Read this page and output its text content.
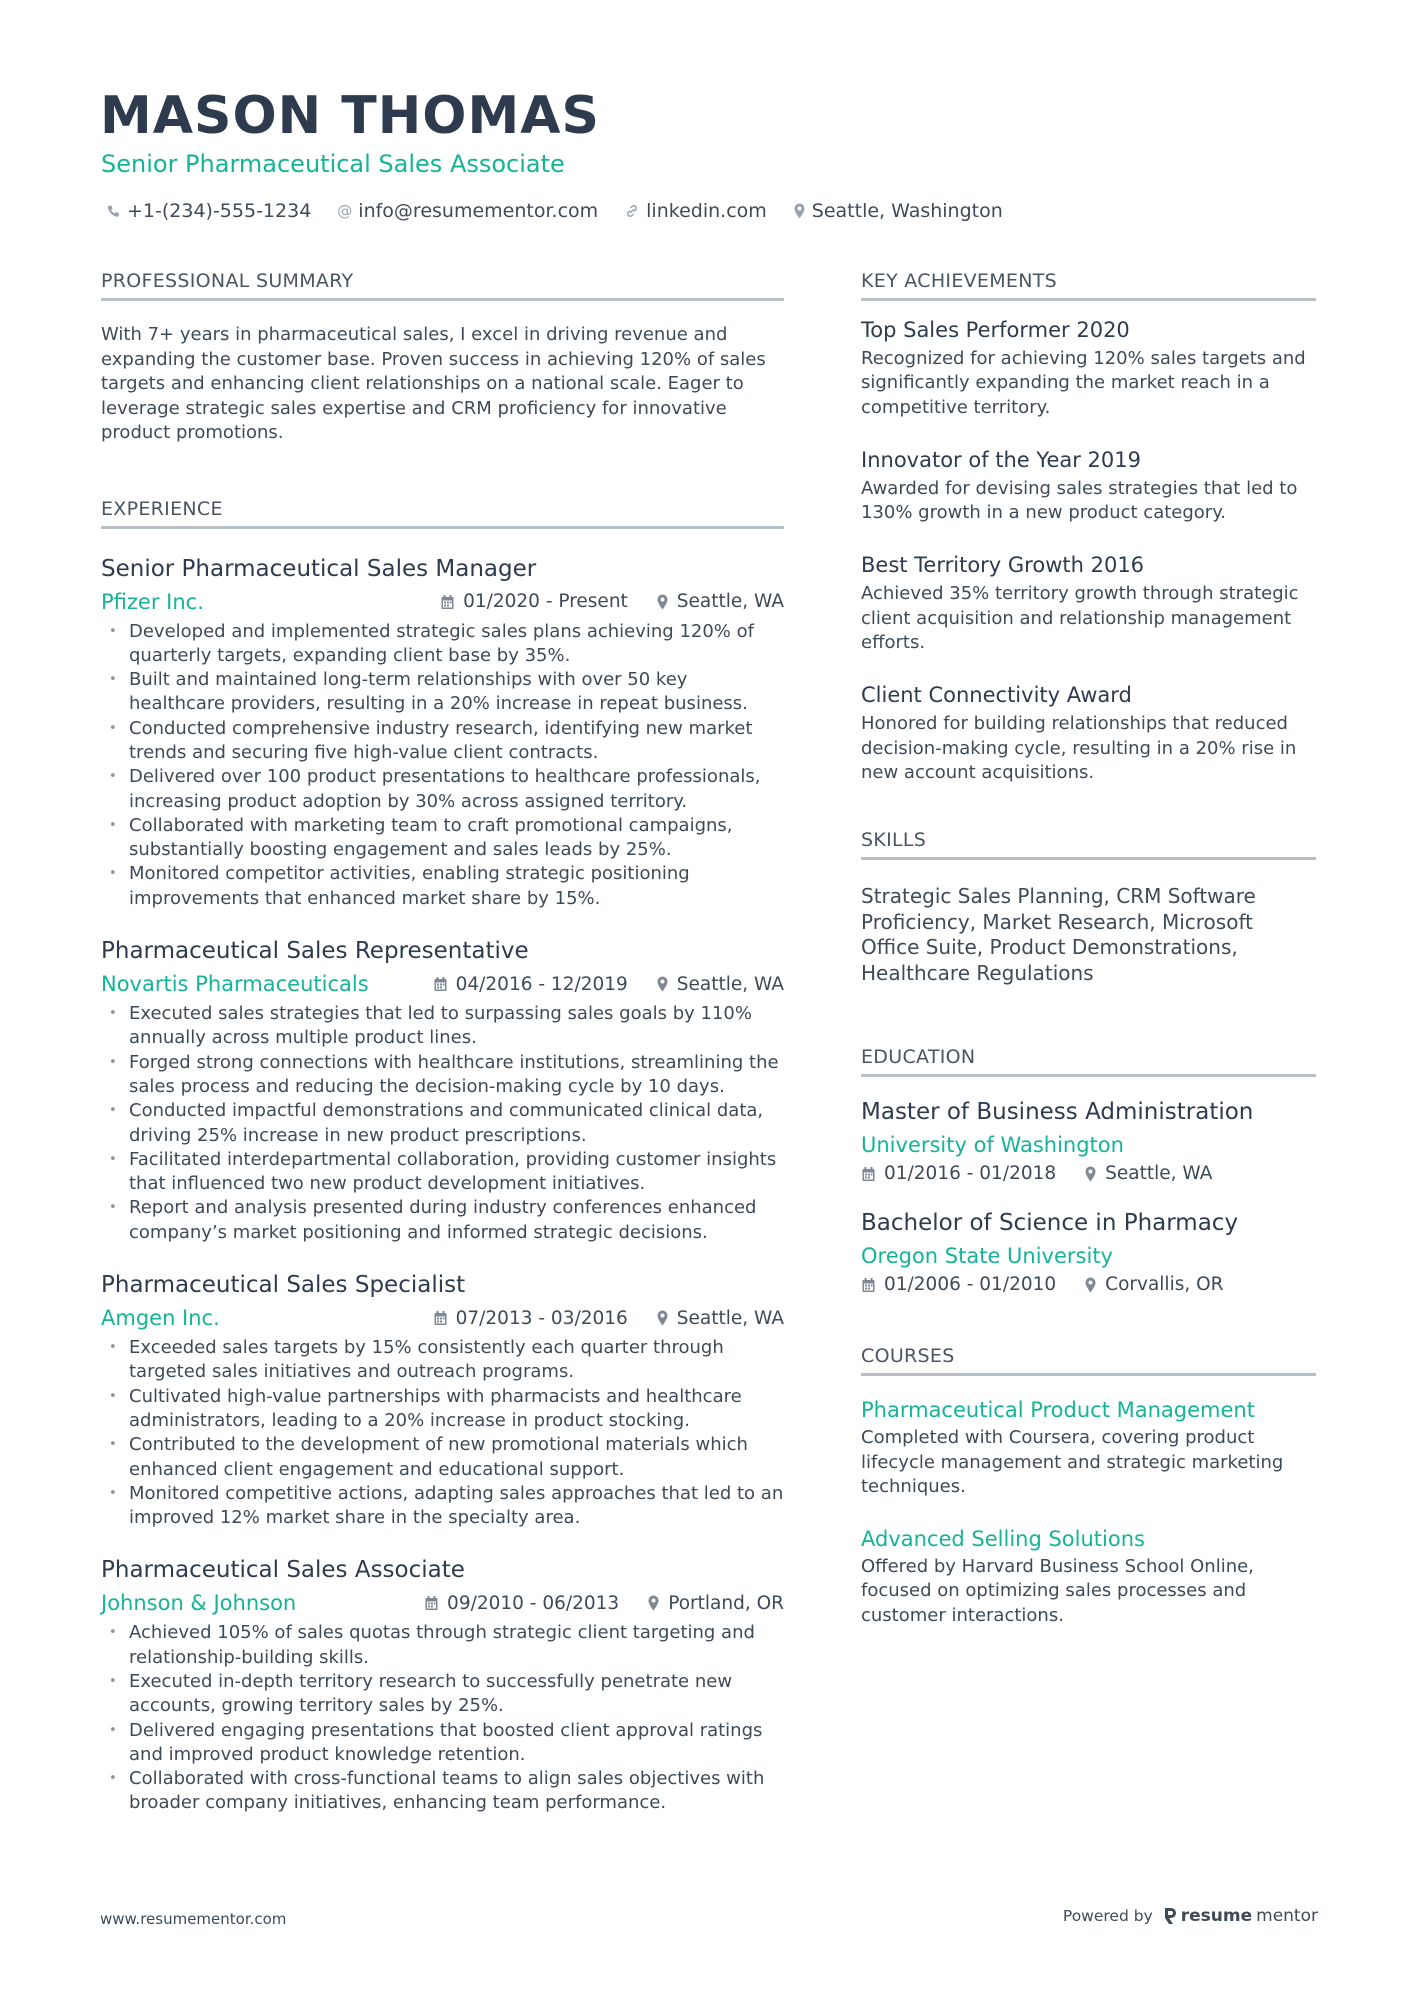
MASON THOMAS
Senior Pharmaceutical Sales Associate
+1-(234)-555-1234 @ info@resumementor.com	linkedin.com Seattle, Washington
PROFESSIONAL SUMMARY
With 7+ years in pharmaceutical sales, I excel in driving revenue and expanding the customer base. Proven success in achieving 120% of sales targets and enhancing client relationships on a national scale. Eager to leverage strategic sales expertise and CRM proficiency for innovative product promotions.
EXPERIENCE
Senior Pharmaceutical Sales Manager
Pfizer Inc.	01/2020 - Present	Seattle, WA
• Developed and implemented strategic sales plans achieving 120% of quarterly targets, expanding client base by 35%.
• Built and maintained long-term relationships with over 50 key healthcare providers, resulting in a 20% increase in repeat business.
• Conducted comprehensive industry research, identifying new market trends and securing five high-value client contracts.
• Delivered over 100 product presentations to healthcare professionals, increasing product adoption by 30% across assigned territory.
• Collaborated with marketing team to craft promotional campaigns, substantially boosting engagement and sales leads by 25%.
• Monitored competitor activities, enabling strategic positioning improvements that enhanced market share by 15%.
Pharmaceutical Sales Representative
Novartis Pharmaceuticals	04/2016 - 12/2019	Seattle, WA
• Executed sales strategies that led to surpassing sales goals by 110% annually across multiple product lines.
• Forged strong connections with healthcare institutions, streamlining the sales process and reducing the decision-making cycle by 10 days.
• Conducted impactful demonstrations and communicated clinical data, driving 25% increase in new product prescriptions.
• Facilitated interdepartmental collaboration, providing customer insights that influenced two new product development initiatives.
• Report and analysis presented during industry conferences enhanced company’s market positioning and informed strategic decisions.
Pharmaceutical Sales Specialist
Amgen Inc.	07/2013 - 03/2016	Seattle, WA
• Exceeded sales targets by 15% consistently each quarter through targeted sales initiatives and outreach programs.
• Cultivated high-value partnerships with pharmacists and healthcare administrators, leading to a 20% increase in product stocking.
• Contributed to the development of new promotional materials which enhanced client engagement and educational support.
• Monitored competitive actions, adapting sales approaches that led to an improved 12% market share in the specialty area.
Pharmaceutical Sales Associate
Johnson & Johnson	09/2010 - 06/2013	Portland, OR
• Achieved 105% of sales quotas through strategic client targeting and relationship-building skills.
• Executed in-depth territory research to successfully penetrate new accounts, growing territory sales by 25%.
• Delivered engaging presentations that boosted client approval ratings and improved product knowledge retention.
• Collaborated with cross-functional teams to align sales objectives with broader company initiatives, enhancing team performance.
KEY ACHIEVEMENTS
Top Sales Performer 2020
Recognized for achieving 120% sales targets and significantly expanding the market reach in a competitive territory.
Innovator of the Year 2019
Awarded for devising sales strategies that led to 130% growth in a new product category.
Best Territory Growth 2016
Achieved 35% territory growth through strategic client acquisition and relationship management efforts.
Client Connectivity Award
Honored for building relationships that reduced decision-making cycle, resulting in a 20% rise in new account acquisitions.
SKILLS
Strategic Sales Planning, CRM Software Proficiency, Market Research, Microsoft Office Suite, Product Demonstrations, Healthcare Regulations
EDUCATION
Master of Business Administration
University of Washington
01/2016 - 01/2018	Seattle, WA
Bachelor of Science in Pharmacy
Oregon State University
01/2006 - 01/2010	Corvallis, OR
COURSES
Pharmaceutical Product Management
Completed with Coursera, covering product lifecycle management and strategic marketing techniques.
Advanced Selling Solutions
Offered by Harvard Business School Online, focused on optimizing sales processes and customer interactions.
www.resumementor.com	Powered by resume mentor
